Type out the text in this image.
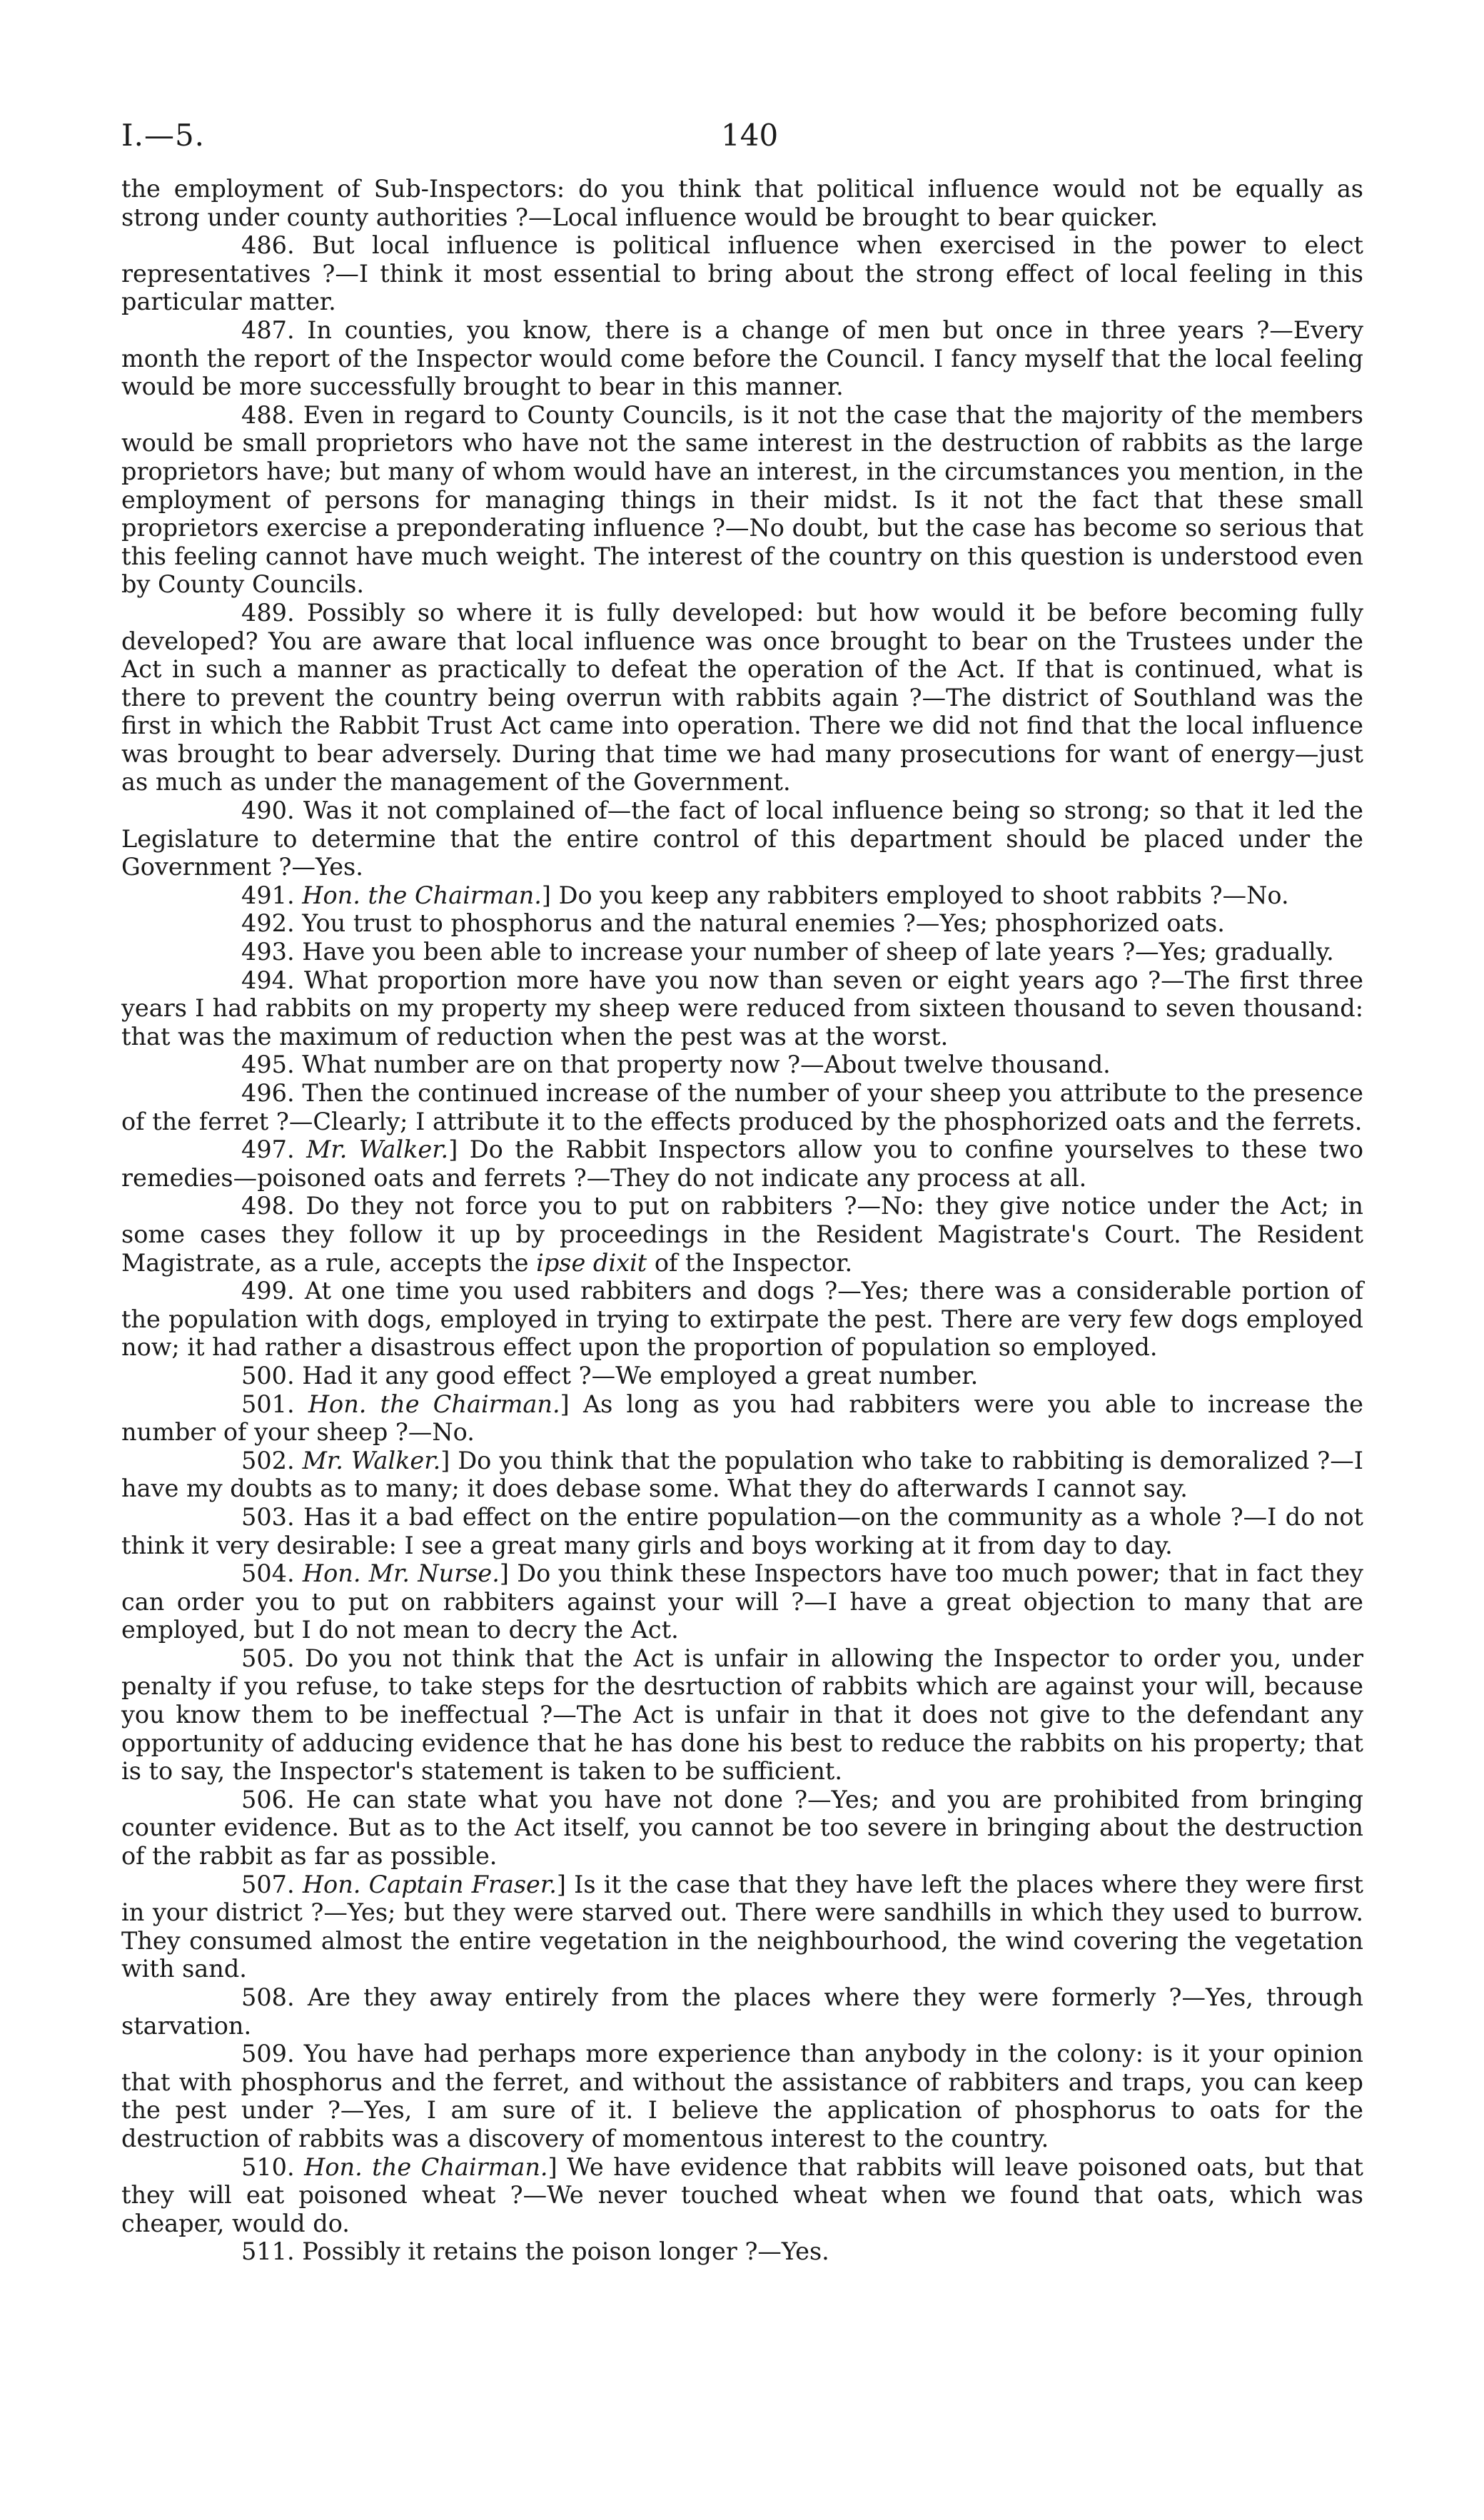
I.—5.	140

the employment of Sub-Inspectors: do you think that political influence would not be equally as strong under county authorities ?—Local influence would be brought to bear quicker.

486. But local influence is political influence when exercised in the power to elect representatives ?—I think it most essential to bring about the strong effect of local feeling in this particular matter.

487. In counties, you know, there is a change of men but once in three years ?—Every month the report of the Inspector would come before the Council. I fancy myself that the local feeling would be more successfully brought to bear in this manner.

488. Even in regard to County Councils, is it not the case that the majority of the members would be small proprietors who have not the same interest in the destruction of rabbits as the large proprietors have; but many of whom would have an interest, in the circumstances you mention, in the employment of persons for managing things in their midst. Is it not the fact that these small proprietors exercise a preponderating influence ?—No doubt, but the case has become so serious that this feeling cannot have much weight. The interest of the country on this question is understood even by County Councils.

489. Possibly so where it is fully developed: but how would it be before becoming fully developed? You are aware that local influence was once brought to bear on the Trustees under the Act in such a manner as practically to defeat the operation of the Act. If that is continued, what is there to prevent the country being overrun with rabbits again ?—The district of Southland was the first in which the Rabbit Trust Act came into operation. There we did not find that the local influence was brought to bear adversely. During that time we had many prosecutions for want of energy—just as much as under the management of the Government.

490. Was it not complained of—the fact of local influence being so strong; so that it led the Legislature to determine that the entire control of this department should be placed under the Government ?—Yes.

491. Hon. the Chairman.] Do you keep any rabbiters employed to shoot rabbits ?—No.

492. You trust to phosphorus and the natural enemies ?—Yes; phosphorized oats.

493. Have you been able to increase your number of sheep of late years ?—Yes; gradually.

494. What proportion more have you now than seven or eight years ago ?—The first three years I had rabbits on my property my sheep were reduced from sixteen thousand to seven thousand: that was the maximum of reduction when the pest was at the worst.

495. What number are on that property now ?—About twelve thousand.

496. Then the continued increase of the number of your sheep you attribute to the presence of the ferret ?—Clearly; I attribute it to the effects produced by the phosphorized oats and the ferrets.

497. Mr. Walker.] Do the Rabbit Inspectors allow you to confine yourselves to these two remedies—poisoned oats and ferrets ?—They do not indicate any process at all.

498. Do they not force you to put on rabbiters ?—No: they give notice under the Act; in some cases they follow it up by proceedings in the Resident Magistrate's Court. The Resident Magistrate, as a rule, accepts the ipse dixit of the Inspector.

499. At one time you used rabbiters and dogs ?—Yes; there was a considerable portion of the population with dogs, employed in trying to extirpate the pest. There are very few dogs employed now; it had rather a disastrous effect upon the proportion of population so employed.

500. Had it any good effect ?—We employed a great number.

501. Hon. the Chairman.] As long as you had rabbiters were you able to increase the number of your sheep ?—No.

502. Mr. Walker.] Do you think that the population who take to rabbiting is demoralized ?—I have my doubts as to many; it does debase some. What they do afterwards I cannot say.

503. Has it a bad effect on the entire population—on the community as a whole ?—I do not think it very desirable: I see a great many girls and boys working at it from day to day.

504. Hon. Mr. Nurse.] Do you think these Inspectors have too much power; that in fact they can order you to put on rabbiters against your will ?—I have a great objection to many that are employed, but I do not mean to decry the Act.

505. Do you not think that the Act is unfair in allowing the Inspector to order you, under penalty if you refuse, to take steps for the desrtuction of rabbits which are against your will, because you know them to be ineffectual ?—The Act is unfair in that it does not give to the defendant any opportunity of adducing evidence that he has done his best to reduce the rabbits on his property; that is to say, the Inspector's statement is taken to be sufficient.

506. He can state what you have not done ?—Yes; and you are prohibited from bringing counter evidence. But as to the Act itself, you cannot be too severe in bringing about the destruction of the rabbit as far as possible.

507. Hon. Captain Fraser.] Is it the case that they have left the places where they were first in your district ?—Yes; but they were starved out. There were sandhills in which they used to burrow. They consumed almost the entire vegetation in the neighbourhood, the wind covering the vegetation with sand.

508. Are they away entirely from the places where they were formerly ?—Yes, through starvation.

509. You have had perhaps more experience than anybody in the colony: is it your opinion that with phosphorus and the ferret, and without the assistance of rabbiters and traps, you can keep the pest under ?—Yes, I am sure of it. I believe the application of phosphorus to oats for the destruction of rabbits was a discovery of momentous interest to the country.

510. Hon. the Chairman.] We have evidence that rabbits will leave poisoned oats, but that they will eat poisoned wheat ?—We never touched wheat when we found that oats, which was cheaper, would do.

511. Possibly it retains the poison longer ?—Yes.
